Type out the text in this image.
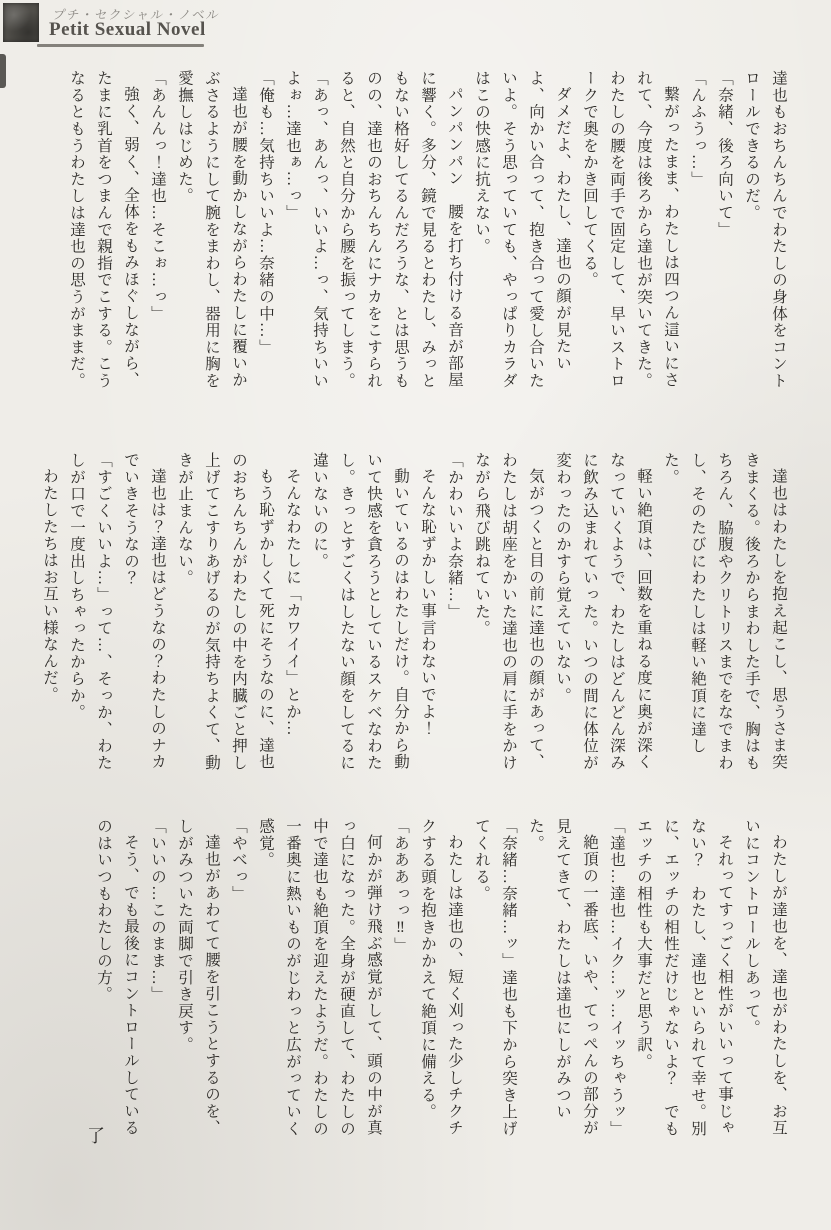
プチ・セクシャル・ノベル
Petit Sexual Novel

達也もおちんちんでわたしの身体をコントロールできるのだ。

「奈緒、後ろ向いて」

「んふうっ…」

繋がったまま、わたしは四つん這いにされて、今度は後ろから達也が突いてきた。わたしの腰を両手で固定して、早いストロークで奥をかき回してくる。

ダメだよ、わたし、達也の顔が見たいよ、向かい合って、抱き合って愛し合いたいよ。そう思っていても、やっぱりカラダはこの快感に抗えない。

パンパンパン　腰を打ち付ける音が部屋に響く。多分、鏡で見るとわたし、みっともない格好してるんだろうな、とは思うものの、達也のおちんちんにナカをこすられると、自然と自分から腰を振ってしまう。

「あっ、あんっ、いいよ…っ、気持ちいいよぉ…達也ぁ…っ」

「俺も…気持ちいいよ…奈緒の中…」

達也が腰を動かしながらわたしに覆いかぶさるようにして腕をまわし、器用に胸を愛撫しはじめた。

「あんんっ！達也…そこぉ…っ」

強く、弱く、全体をもみほぐしながら、たまに乳首をつまんで親指でこする。こうなるともうわたしは達也の思うがままだ。

達也はわたしを抱え起こし、思うさま突きまくる。後ろからまわした手で、胸はもちろん、脇腹やクリトリスまでをなでまわし、そのたびにわたしは軽い絶頂に達した。

軽い絶頂は、回数を重ねる度に奥が深くなっていくようで、わたしはどんどん深みに飲み込まれていった。いつの間に体位が変わったのかすら覚えていない。

気がつくと目の前に達也の顔があって、わたしは胡座をかいた達也の肩に手をかけながら飛び跳ねていた。

「かわいいよ奈緒…」

そんな恥ずかしい事言わないでよ！

動いているのはわたしだけ。自分から動いて快感を貪ろうとしているスケベなわたし。きっとすごくはしたない顔をしてるに違いないのに。

そんなわたしに「カワイイ」とか…

もう恥ずかしくて死にそうなのに、達也のおちんちんがわたしの中を内臓ごと押し上げてこすりあげるのが気持ちよくて、動きが止まんない。

達也は？達也はどうなの？わたしのナカでいきそうなの？

「すごくいいよ…」って…、そっか、わたしが口で一度出しちゃったからか。

わたしたちはお互い様なんだ。

わたしが達也を、達也がわたしを、お互いにコントロールしあって。

それってすっごく相性がいいって事じゃない？　わたし、達也といられて幸せ。別に、エッチの相性だけじゃないよ？　でもエッチの相性も大事だと思う訳。

「達也…達也…イク…ッ…イッちゃうッ」

絶頂の一番底、いや、てっぺんの部分が見えてきて、わたしは達也にしがみついた。

「奈緒…奈緒…ッ」達也も下から突き上げてくれる。

わたしは達也の、短く刈った少しチクチクする頭を抱きかかえて絶頂に備える。

「あああっっ‼」

何かが弾け飛ぶ感覚がして、頭の中が真っ白になった。全身が硬直して、わたしの中で達也も絶頂を迎えたようだ。わたしの一番奥に熱いものがじわっと広がっていく感覚。

「やべっ」

達也があわてて腰を引こうとするのを、しがみついた両脚で引き戻す。

「いいの…このまま…」

そう、でも最後にコントロールしているのはいつもわたしの方。

了
